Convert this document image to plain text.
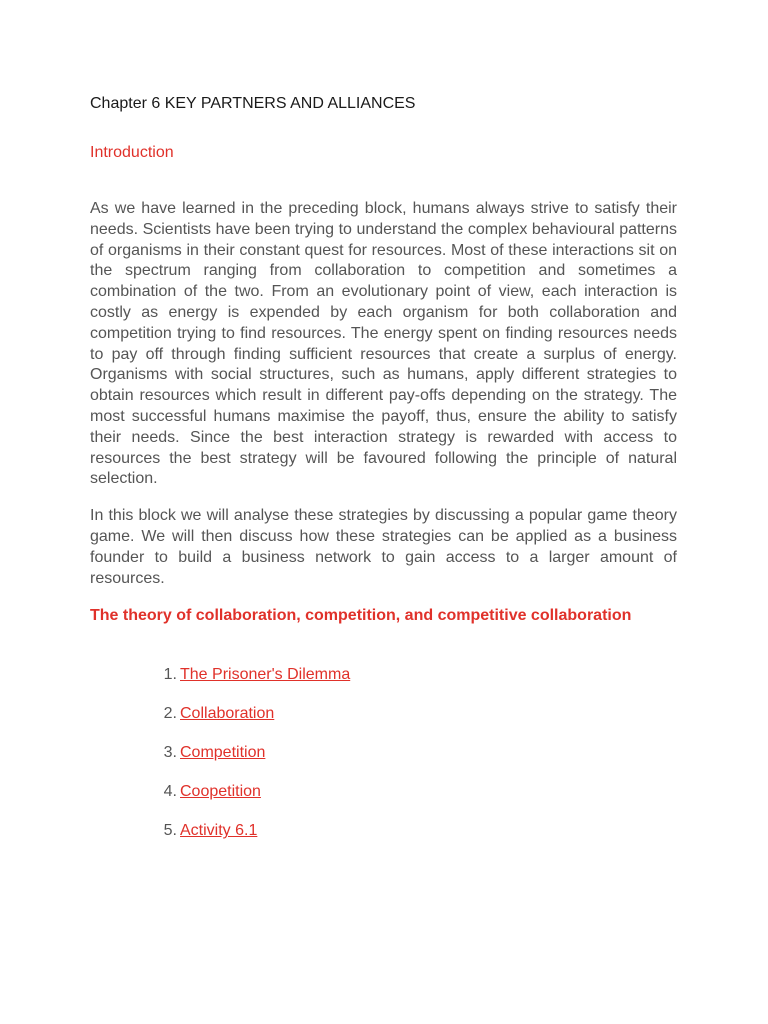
Chapter 6 KEY PARTNERS AND ALLIANCES
Introduction

As we have learned in the preceding block, humans always strive to satisfy their needs. Scientists have been trying to understand the complex behavioural patterns of organisms in their constant quest for resources. Most of these interactions sit on the spectrum ranging from collaboration to competition and sometimes a combination of the two. From an evolutionary point of view, each interaction is costly as energy is expended by each organism for both collaboration and competition trying to find resources. The energy spent on finding resources needs to pay off through finding sufficient resources that create a surplus of energy. Organisms with social structures, such as humans, apply different strategies to obtain resources which result in different pay-offs depending on the strategy. The most successful humans maximise the payoff, thus, ensure the ability to satisfy their needs. Since the best interaction strategy is rewarded with access to resources the best strategy will be favoured following the principle of natural selection.

In this block we will analyse these strategies by discussing a popular game theory game. We will then discuss how these strategies can be applied as a business founder to build a business network to gain access to a larger amount of resources.

The theory of collaboration, competition, and competitive collaboration
1. The Prisoner's Dilemma
2. Collaboration
3. Competition
4. Coopetition
5. Activity 6.1
